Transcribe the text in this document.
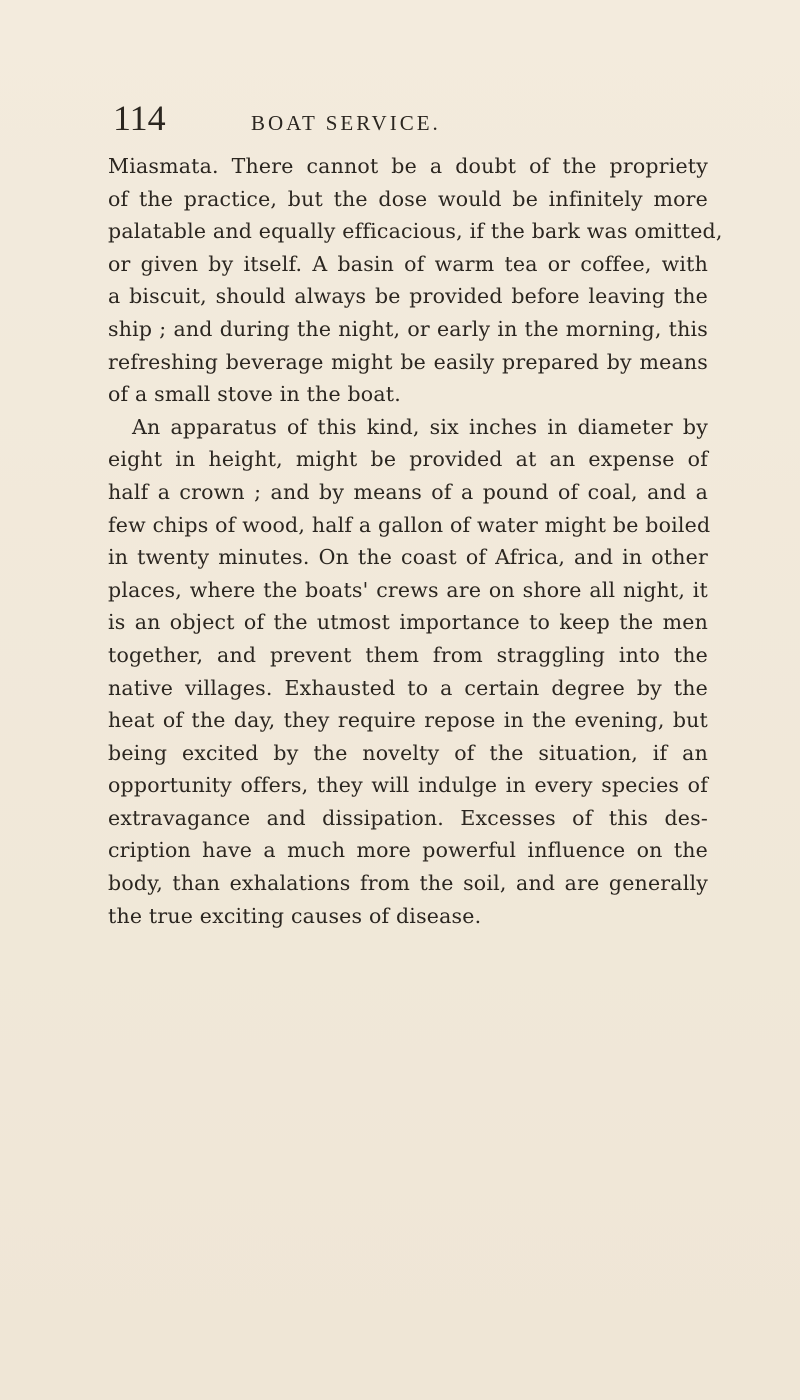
114	BOAT SERVICE.
Miasmata. There cannot be a doubt of the propriety
of the practice, but the dose would be infinitely more
palatable and equally efficacious, if the bark was omitted,
or given by itself. A basin of warm tea or coffee, with
a biscuit, should always be provided before leaving the
ship ; and during the night, or early in the morning, this
refreshing beverage might be easily prepared by means
of a small stove in the boat.
An apparatus of this kind, six inches in diameter by
eight in height, might be provided at an expense of
half a crown ; and by means of a pound of coal, and a
few chips of wood, half a gallon of water might be boiled
in twenty minutes. On the coast of Africa, and in other
places, where the boats' crews are on shore all night, it
is an object of the utmost importance to keep the men
together, and prevent them from straggling into the
native villages. Exhausted to a certain degree by the
heat of the day, they require repose in the evening, but
being excited by the novelty of the situation, if an
opportunity offers, they will indulge in every species of
extravagance and dissipation. Excesses of this des-
cription have a much more powerful influence on the
body, than exhalations from the soil, and are generally
the true exciting causes of disease.
